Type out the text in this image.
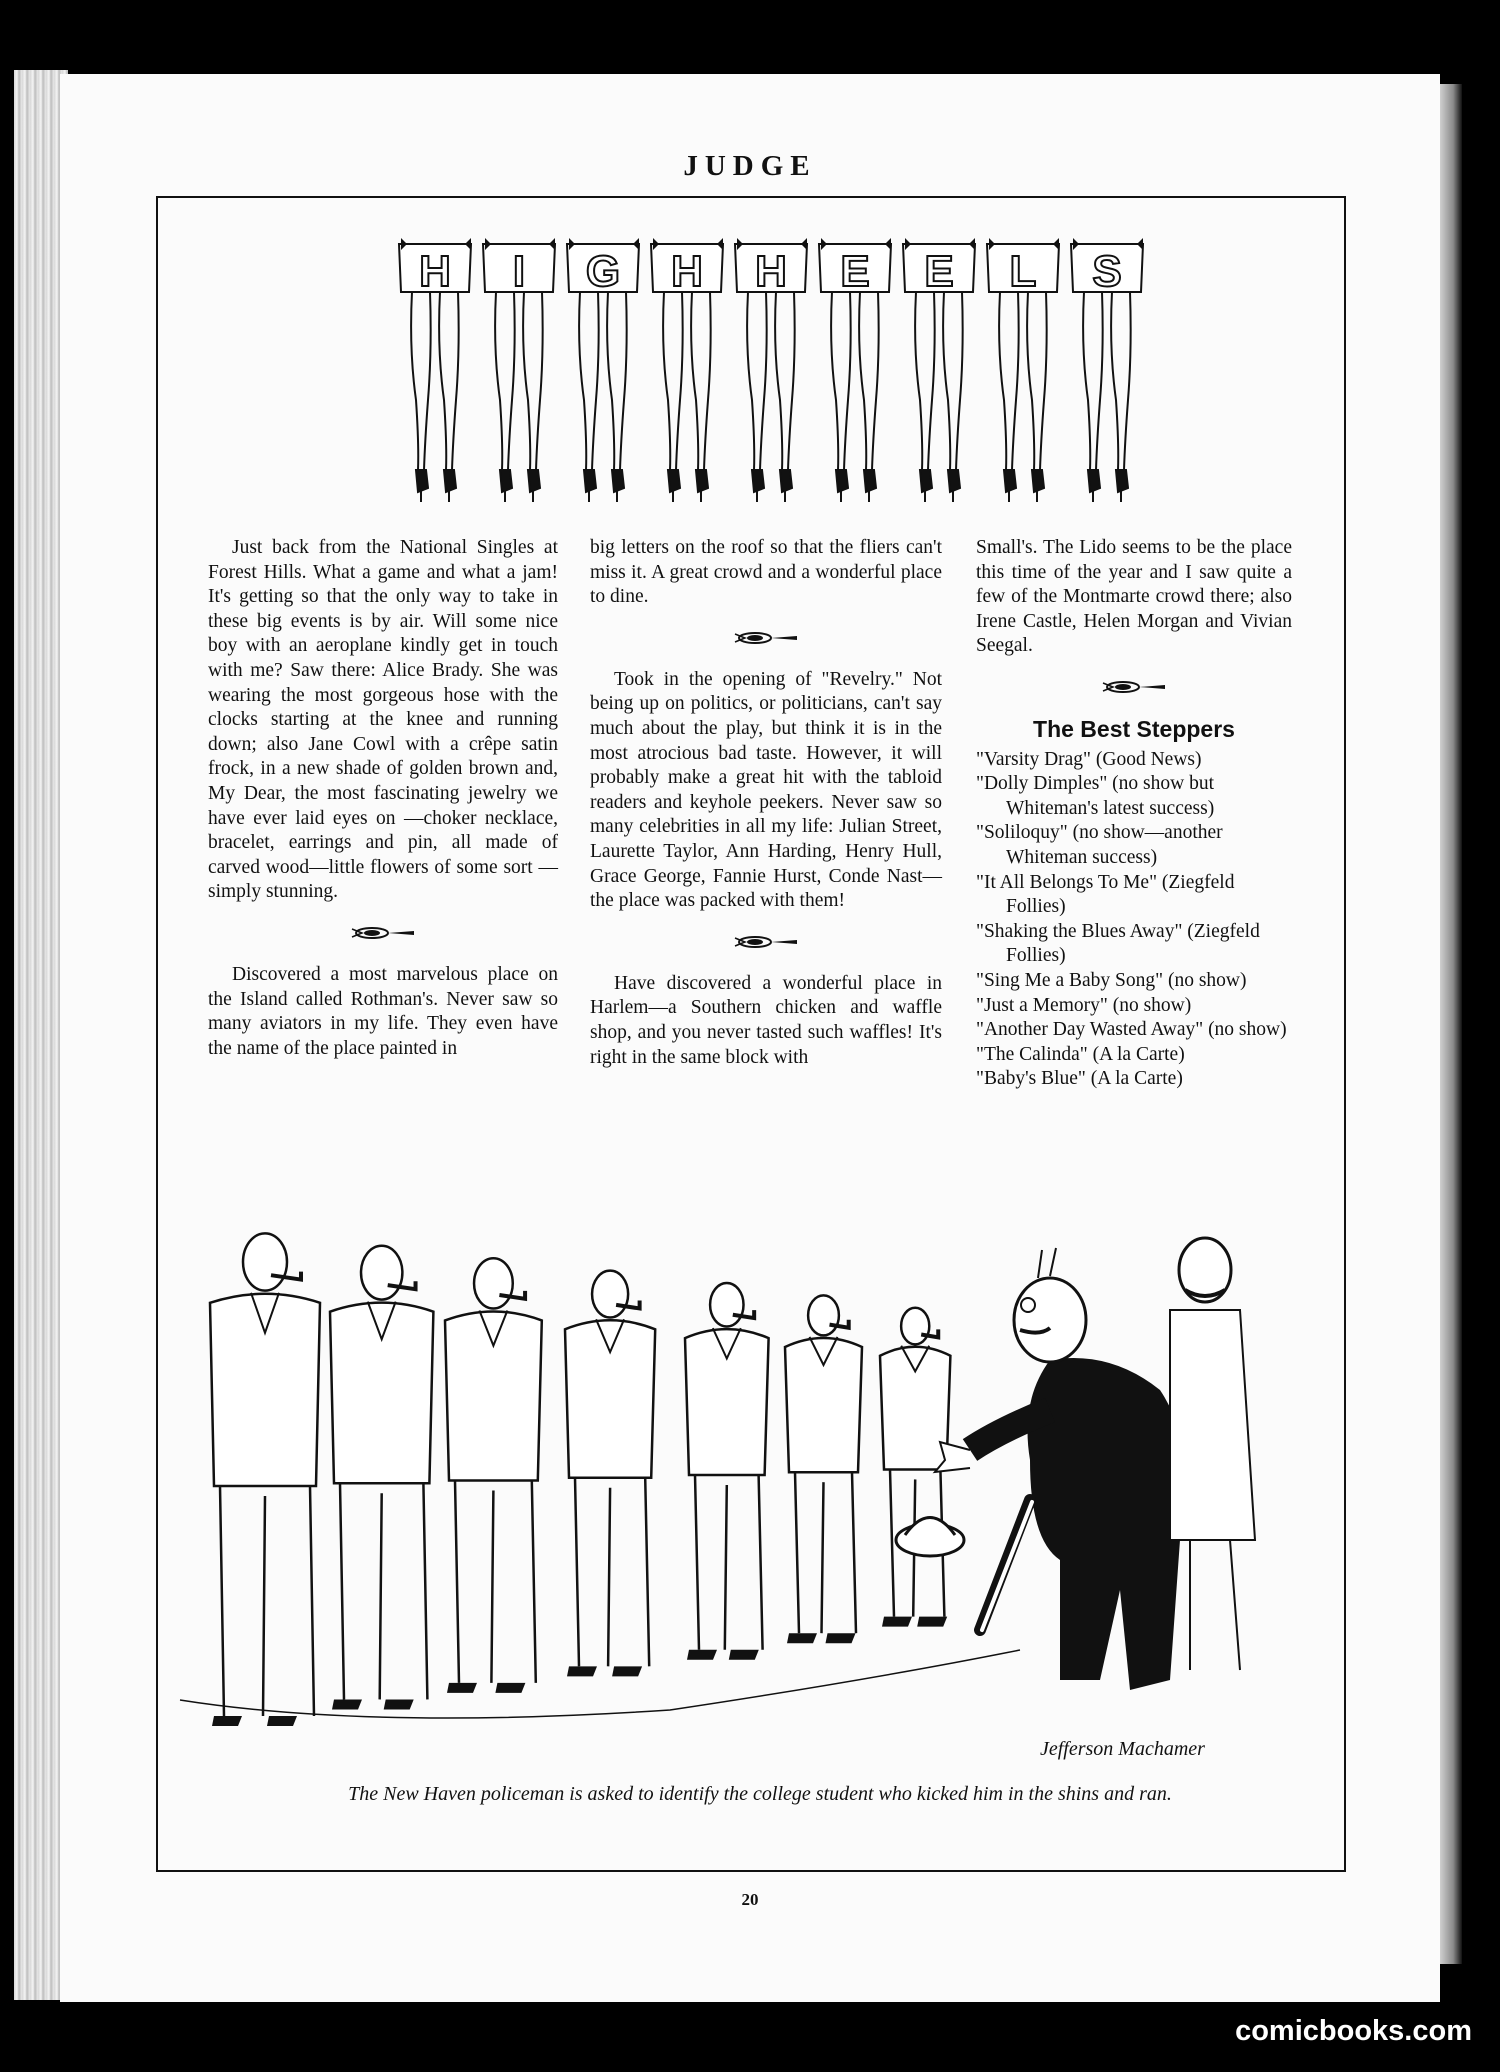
JUDGE
H I G H H E E L S

Just back from the National Singles at Forest Hills. What a game and what a jam! It's getting so that the only way to take in these big events is by air. Will some nice boy with an aeroplane kindly get in touch with me? Saw there: Alice Brady. She was wearing the most gorgeous hose with the clocks starting at the knee and running down; also Jane Cowl with a crêpe satin frock, in a new shade of golden brown and, My Dear, the most fascinating jewelry we have ever laid eyes on —choker necklace, bracelet, earrings and pin, all made of carved wood—little flowers of some sort —simply stunning.

Discovered a most marvelous place on the Island called Rothman's. Never saw so many aviators in my life. They even have the name of the place painted in

big letters on the roof so that the fliers can't miss it. A great crowd and a wonderful place to dine.

Took in the opening of "Revelry." Not being up on politics, or politicians, can't say much about the play, but think it is in the most atrocious bad taste. However, it will probably make a great hit with the tabloid readers and keyhole peekers. Never saw so many celebrities in all my life: Julian Street, Laurette Taylor, Ann Harding, Henry Hull, Grace George, Fannie Hurst, Conde Nast—the place was packed with them!

Have discovered a wonderful place in Harlem—a Southern chicken and waffle shop, and you never tasted such waffles! It's right in the same block with

Small's. The Lido seems to be the place this time of the year and I saw quite a few of the Montmarte crowd there; also Irene Castle, Helen Morgan and Vivian Seegal.

The Best Steppers
"Varsity Drag" (Good News)
"Dolly Dimples" (no show but Whiteman's latest success)
"Soliloquy" (no show—another Whiteman success)
"It All Belongs To Me" (Ziegfeld Follies)
"Shaking the Blues Away" (Ziegfeld Follies)
"Sing Me a Baby Song" (no show)
"Just a Memory" (no show)
"Another Day Wasted Away" (no show)
"The Calinda" (A la Carte)
"Baby's Blue" (A la Carte)
Jefferson Machamer
The New Haven policeman is asked to identify the college student who kicked him in the shins and ran.
20
comicbooks.com
